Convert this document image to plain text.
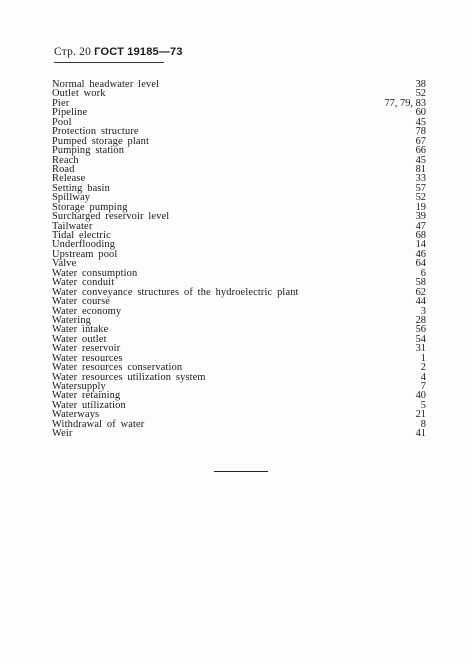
Стр. 20 ГОСТ 19185—73
Normal headwater level	38
Outlet work	52
Pier	77, 79, 83
Pipeline	60
Pool	45
Protection structure	78
Pumped storage plant	67
Pumping station	66
Reach	45
Road	81
Release	33
Setting basin	57
Spillway	52
Storage pumping	19
Surcharged reservoir level	39
Tailwater	47
Tidal electric	68
Underflooding	14
Upstream pool	46
Valve	64
Water consumption	6
Water conduit	58
Water conveyance structures of the hydroelectric plant	62
Water course	44
Water economy	3
Watering	28
Water intake	56
Water outlet	54
Water reservoir	31
Water resources	1
Water resources conservation	2
Water resources utilization system	4
Watersupply	7
Water retaining	40
Water utilization	5
Waterways	21
Withdrawal of water	8
Weir	41
